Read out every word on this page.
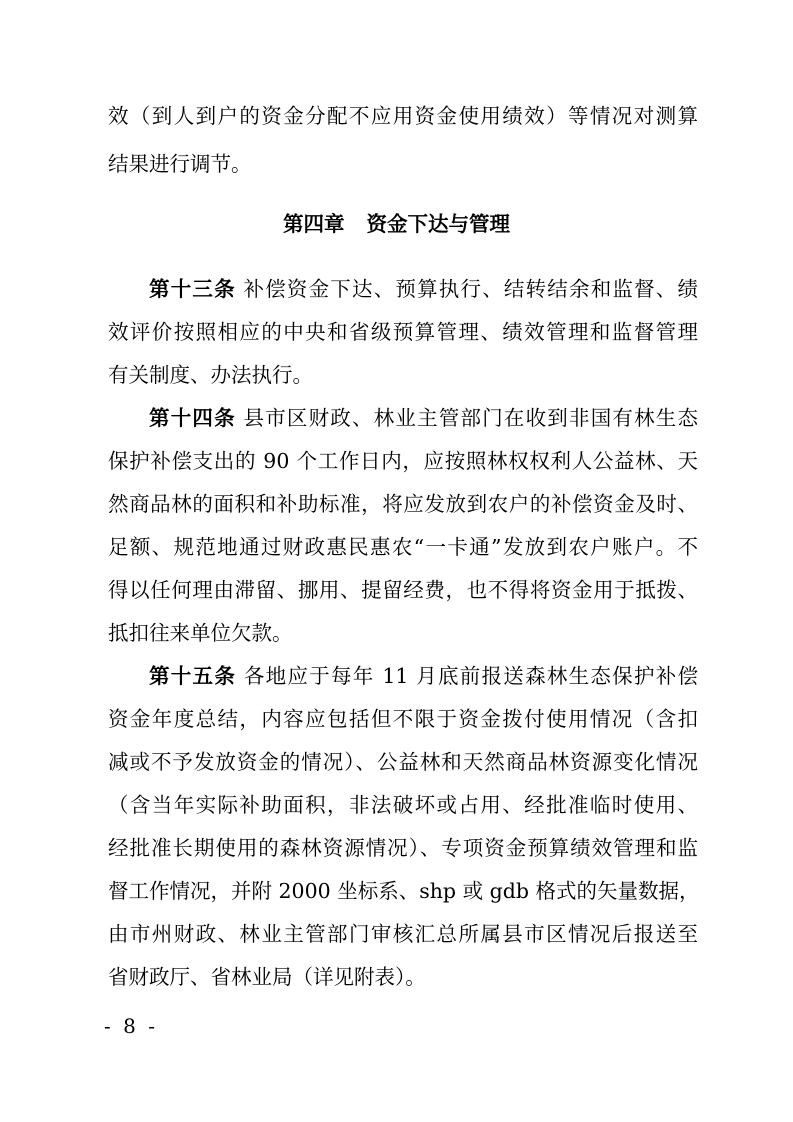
效（到人到户的资金分配不应用资金使用绩效）等情况对测算
结果进行调节。
第四章 资金下达与管理
第十三条 补偿资金下达、预算执行、结转结余和监督、绩
效评价按照相应的中央和省级预算管理、绩效管理和监督管理
有关制度、办法执行。
第十四条 县市区财政、林业主管部门在收到非国有林生态
保护补偿支出的 90 个工作日内，应按照林权权利人公益林、天
然商品林的面积和补助标准，将应发放到农户的补偿资金及时、
足额、规范地通过财政惠民惠农“一卡通”发放到农户账户。不
得以任何理由滞留、挪用、提留经费，也不得将资金用于抵拨、
抵扣往来单位欠款。
第十五条 各地应于每年 11 月底前报送森林生态保护补偿
资金年度总结，内容应包括但不限于资金拨付使用情况（含扣
减或不予发放资金的情况）、公益林和天然商品林资源变化情况
（含当年实际补助面积，非法破坏或占用、经批准临时使用、
经批准长期使用的森林资源情况）、专项资金预算绩效管理和监
督工作情况，并附 2000 坐标系、shp 或 gdb 格式的矢量数据，
由市州财政、林业主管部门审核汇总所属县市区情况后报送至
省财政厅、省林业局（详见附表）。
- 8 -
